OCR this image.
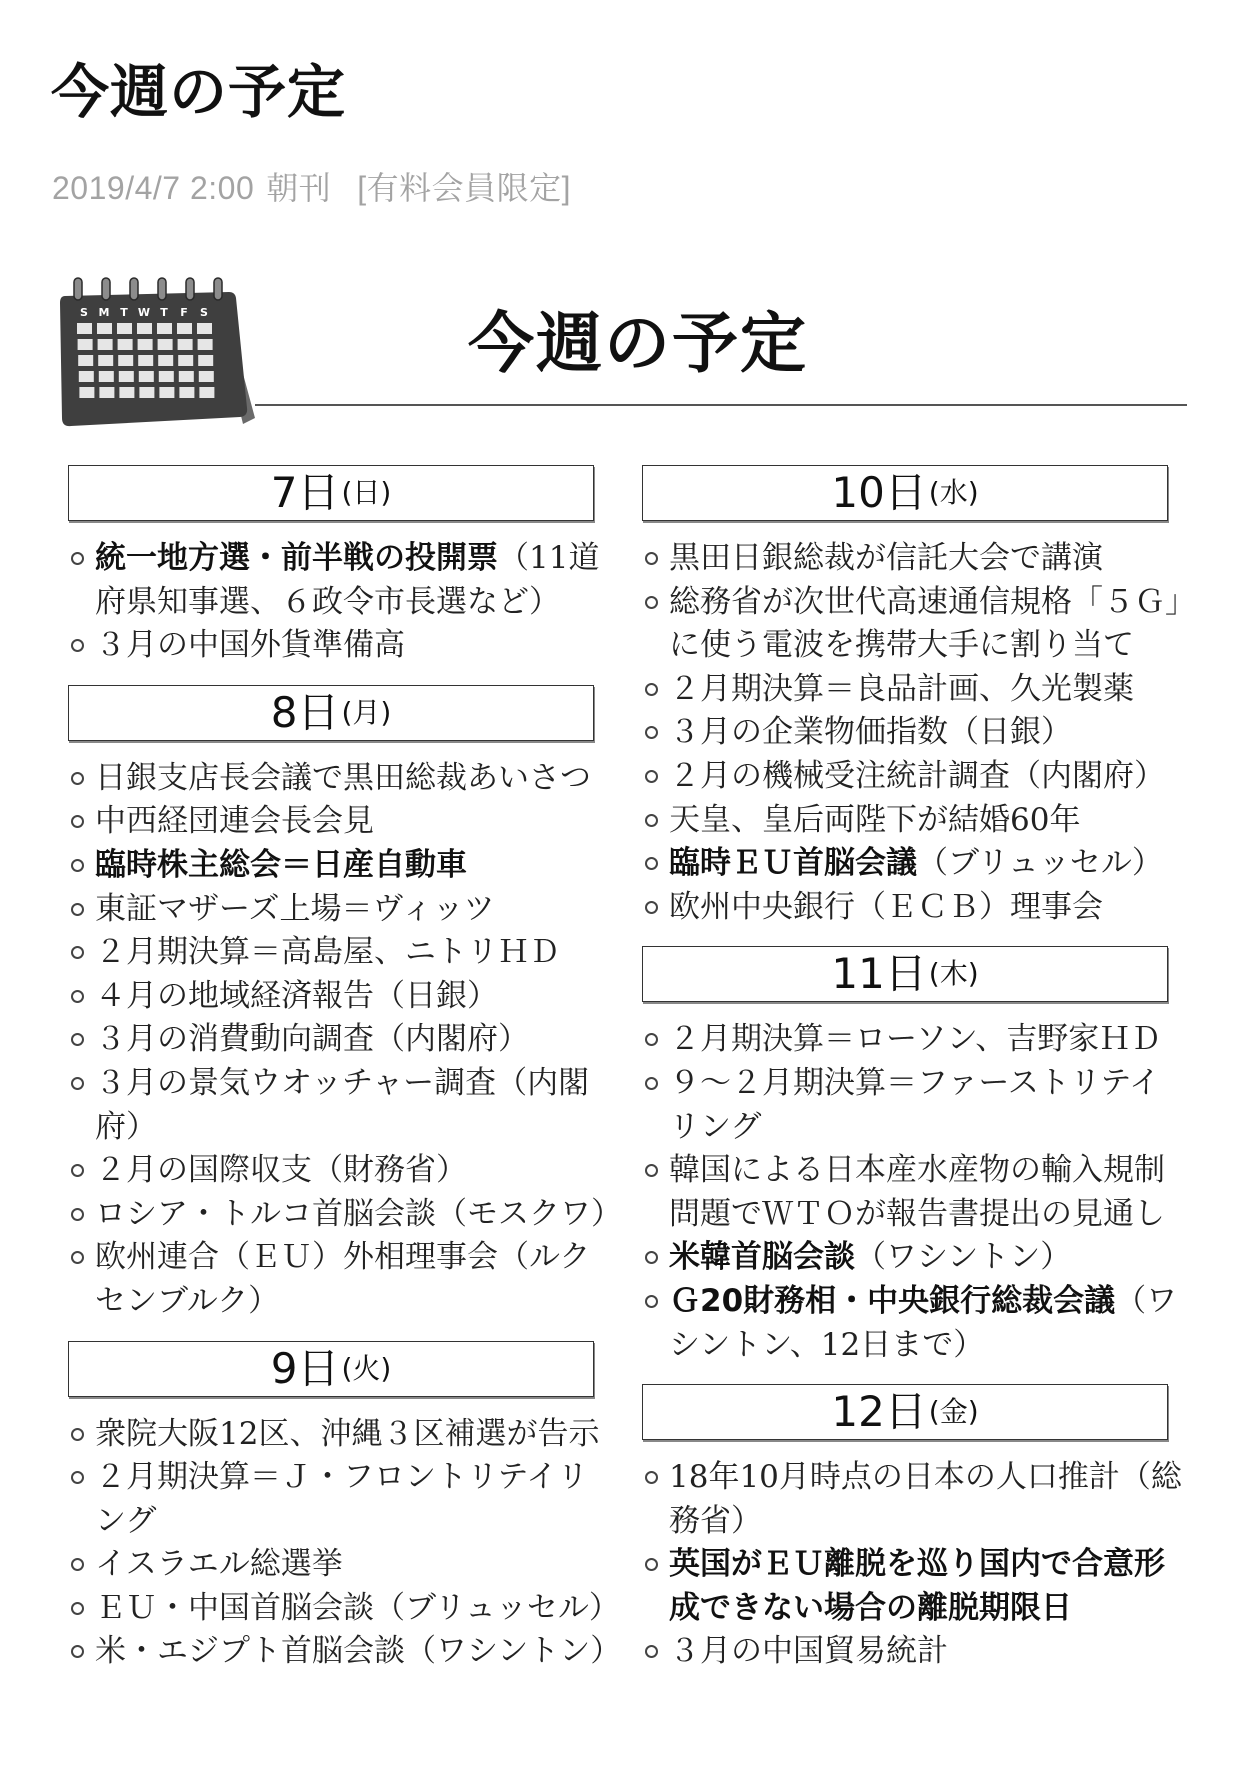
今週の予定
2019/4/7 2:00 朝刊 [有料会員限定]
S M T W T F S	今週の予定
7日 (日)
統一地方選・前半戦の投開票（11道
府県知事選、６政令市長選など）
３月の中国外貨準備高
8日 (月)
日銀支店長会議で黒田総裁あいさつ
中西経団連会長会見
臨時株主総会＝日産自動車
東証マザーズ上場＝ヴィッツ
２月期決算＝高島屋、ニトリＨＤ
４月の地域経済報告（日銀）
３月の消費動向調査（内閣府）
３月の景気ウオッチャー調査（内閣
府）
２月の国際収支（財務省）
ロシア・トルコ首脳会談（モスクワ）
欧州連合（ＥＵ）外相理事会（ルク
センブルク）
9日 (火)
衆院大阪12区、沖縄３区補選が告示
２月期決算＝Ｊ・フロントリテイリ
ング
イスラエル総選挙
ＥＵ・中国首脳会談（ブリュッセル）
米・エジプト首脳会談（ワシントン）
10日 (水)
黒田日銀総裁が信託大会で講演
総務省が次世代高速通信規格「５Ｇ」
に使う電波を携帯大手に割り当て
２月期決算＝良品計画、久光製薬
３月の企業物価指数（日銀）
２月の機械受注統計調査（内閣府）
天皇、皇后両陛下が結婚60年
臨時ＥＵ首脳会議（ブリュッセル）
欧州中央銀行（ＥＣＢ）理事会
11日 (木)
２月期決算＝ローソン、吉野家ＨＤ
９～２月期決算＝ファーストリテイ
リング
韓国による日本産水産物の輸入規制
問題でＷＴＯが報告書提出の見通し
米韓首脳会談（ワシントン）
Ｇ20財務相・中央銀行総裁会議（ワ
シントン、12日まで）
12日 (金)
18年10月時点の日本の人口推計（総
務省）
英国がＥＵ離脱を巡り国内で合意形
成できない場合の離脱期限日
３月の中国貿易統計
